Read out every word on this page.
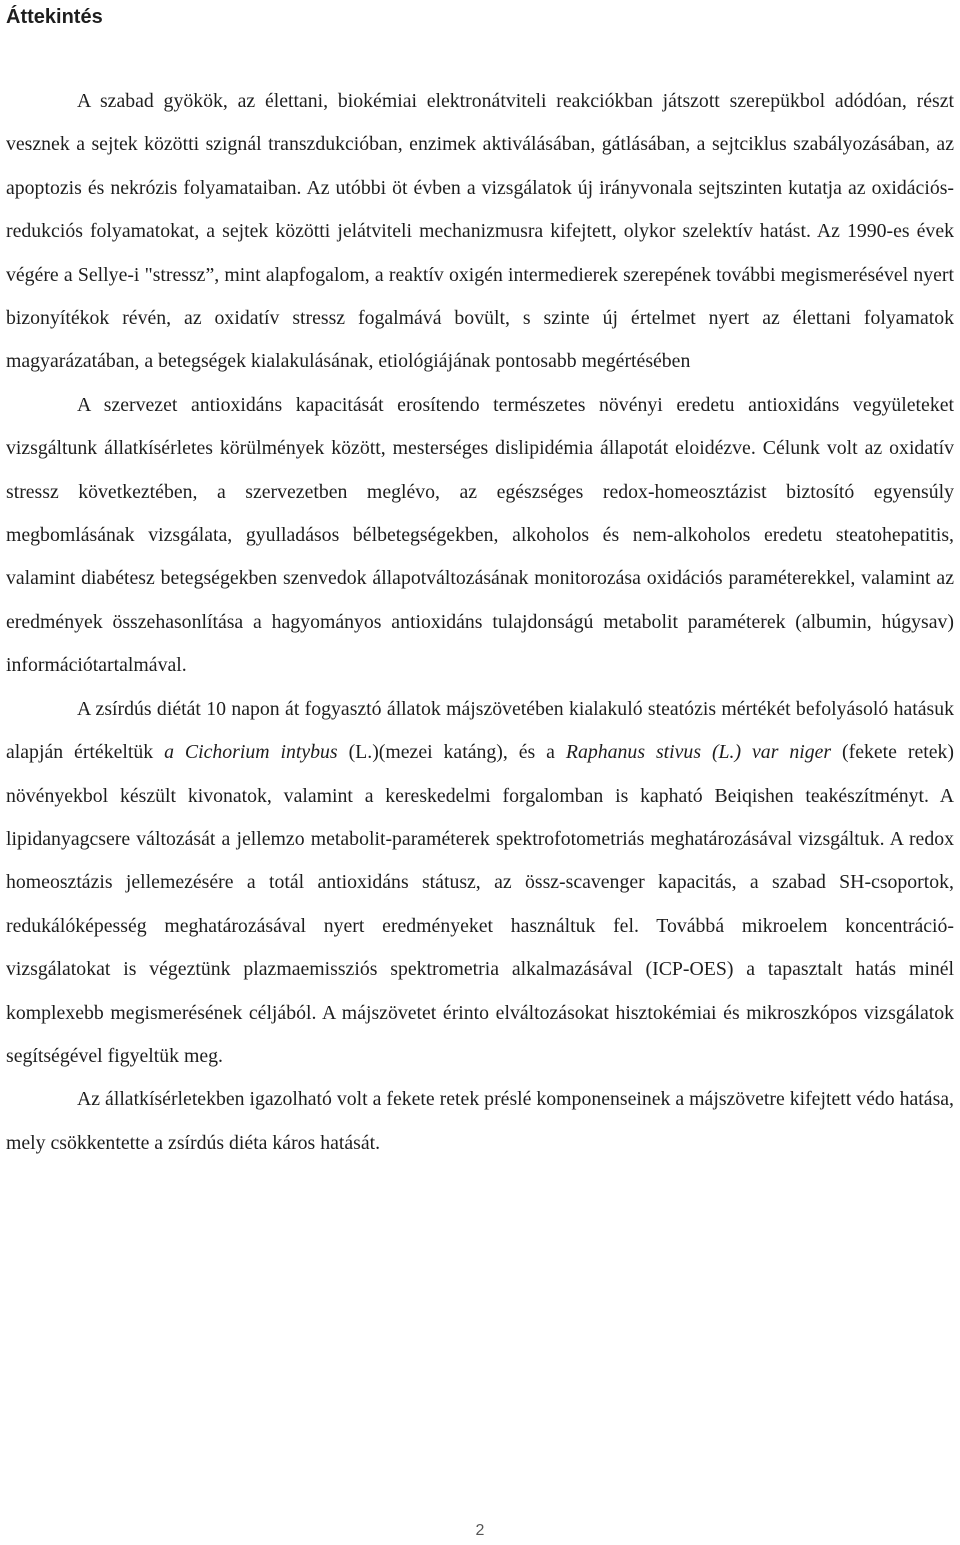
Áttekintés

A szabad gyökök, az élettani, biokémiai elektronátviteli reakciókban játszott szerepükbol adódóan, részt vesznek a sejtek közötti szignál transzdukcióban, enzimek aktiválásában, gátlásában, a sejtciklus szabályozásában, az apoptozis és nekrózis folyamataiban. Az utóbbi öt évben a vizsgálatok új irányvonala sejtszinten kutatja az oxidációs-redukciós folyamatokat, a sejtek közötti jelátviteli mechanizmusra kifejtett, olykor szelektív hatást. Az 1990-es évek végére a Sellye-i "stressz”, mint alapfogalom, a reaktív oxigén intermedierek szerepének további megismerésével nyert bizonyítékok révén, az oxidatív stressz fogalmává bovült, s szinte új értelmet nyert az élettani folyamatok magyarázatában, a betegségek kialakulásának, etiológiájának pontosabb megértésében

A szervezet antioxidáns kapacitását erosítendo természetes növényi eredetu antioxidáns vegyületeket vizsgáltunk állatkísérletes körülmények között, mesterséges dislipidémia állapotát eloidézve. Célunk volt az oxidatív stressz következtében, a szervezetben meglévo, az egészséges redox-homeosztázist biztosító egyensúly megbomlásának vizsgálata, gyulladásos bélbetegségekben, alkoholos és nem-alkoholos eredetu steatohepatitis, valamint diabétesz betegségekben szenvedok állapotváltozásának monitorozása oxidációs paraméterekkel, valamint az eredmények összehasonlítása a hagyományos antioxidáns tulajdonságú metabolit paraméterek (albumin, húgysav) információtartalmával.

A zsírdús diétát 10 napon át fogyasztó állatok májszövetében kialakuló steatózis mértékét befolyásoló hatásuk alapján értékeltük a Cichorium intybus (L.)(mezei katáng), és a Raphanus stivus (L.) var niger (fekete retek) növényekbol készült kivonatok, valamint a kereskedelmi forgalomban is kapható Beiqishen teakészítményt. A lipidanyagcsere változását a jellemzo metabolit-paraméterek spektrofotometriás meghatározásával vizsgáltuk. A redox homeosztázis jellemezésére a totál antioxidáns státusz, az össz-scavenger kapacitás, a szabad SH-csoportok, redukálóképesség meghatározásával nyert eredményeket használtuk fel. Továbbá mikroelem koncentráció-vizsgálatokat is végeztünk plazmaemissziós spektrometria alkalmazásával (ICP-OES) a tapasztalt hatás minél komplexebb megismerésének céljából. A májszövetet érinto elváltozásokat hisztokémiai és mikroszkópos vizsgálatok segítségével figyeltük meg.

Az állatkísérletekben igazolható volt a fekete retek préslé komponenseinek a májszövetre kifejtett védo hatása, mely csökkentette a zsírdús diéta káros hatását.

2
